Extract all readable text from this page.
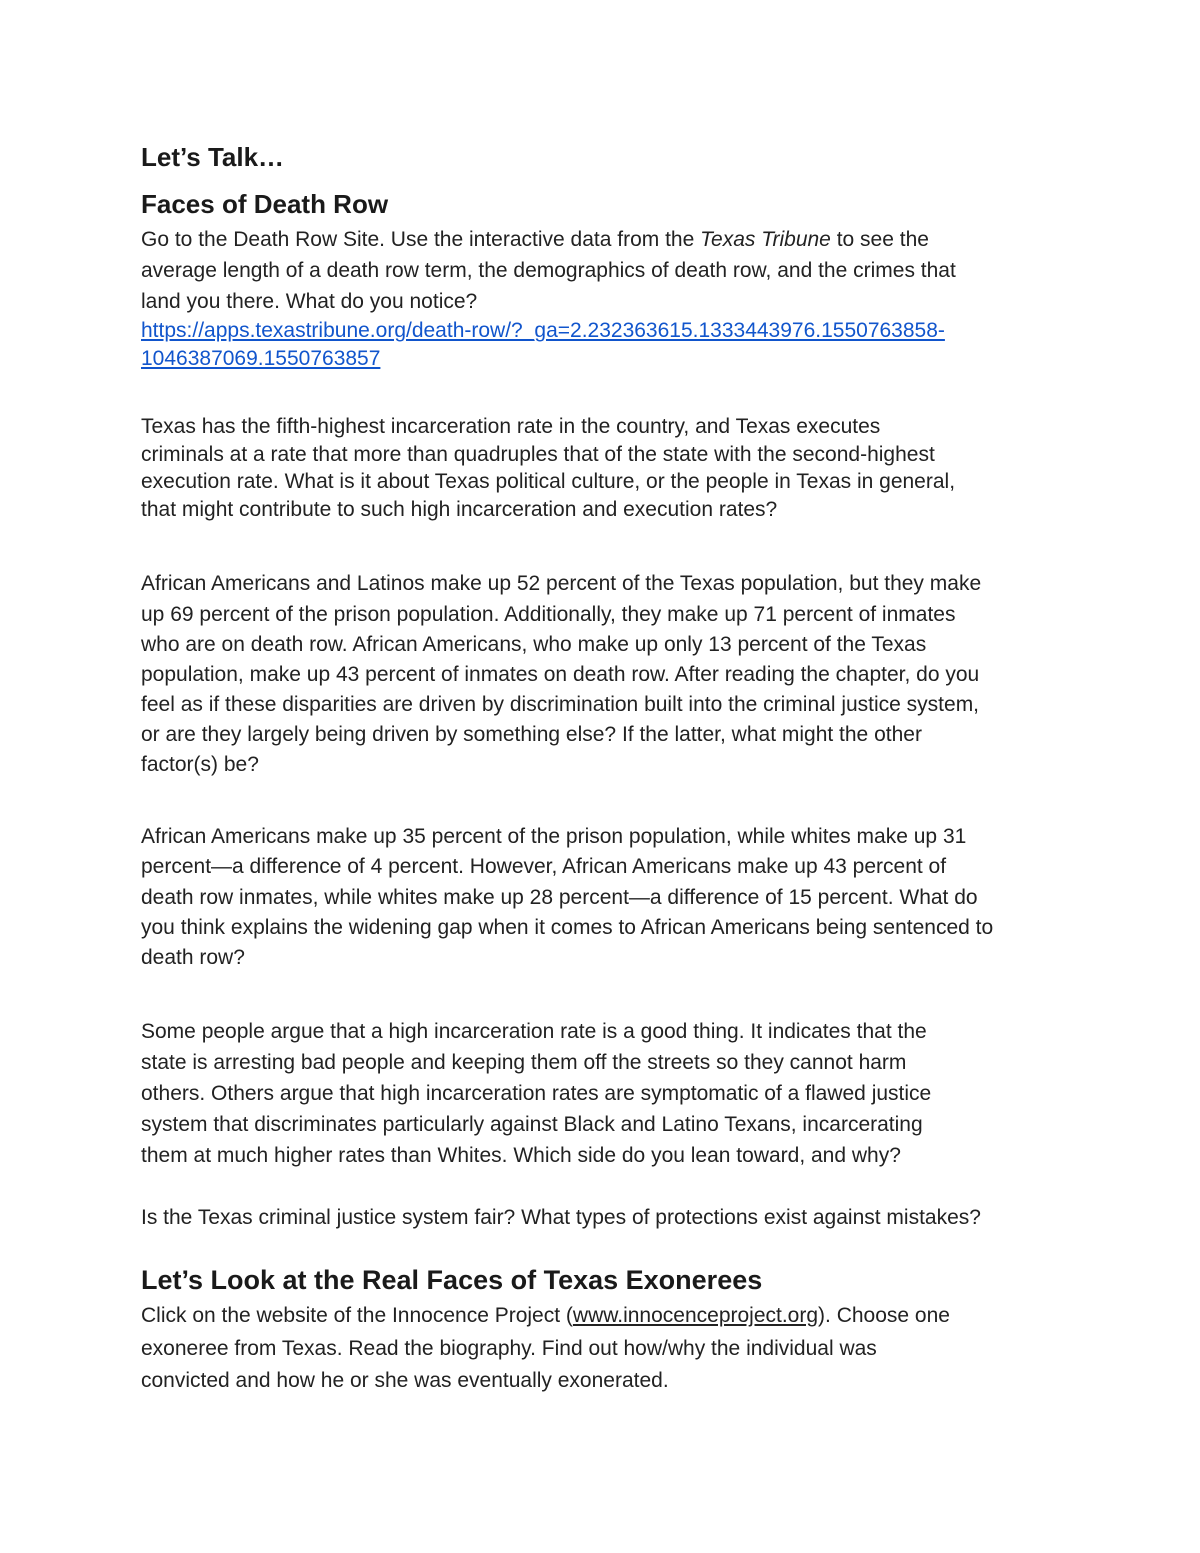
Let’s Talk…
Faces of Death Row
Go to the Death Row Site. Use the interactive data from the Texas Tribune to see the
average length of a death row term, the demographics of death row, and the crimes that
land you there. What do you notice?
https://apps.texastribune.org/death-row/?_ga=2.232363615.1333443976.1550763858-
1046387069.1550763857
Texas has the fifth-highest incarceration rate in the country, and Texas executes
criminals at a rate that more than quadruples that of the state with the second-highest
execution rate. What is it about Texas political culture, or the people in Texas in general,
that might contribute to such high incarceration and execution rates?
African Americans and Latinos make up 52 percent of the Texas population, but they make
up 69 percent of the prison population. Additionally, they make up 71 percent of inmates
who are on death row. African Americans, who make up only 13 percent of the Texas
population, make up 43 percent of inmates on death row. After reading the chapter, do you
feel as if these disparities are driven by discrimination built into the criminal justice system,
or are they largely being driven by something else? If the latter, what might the other
factor(s) be?
African Americans make up 35 percent of the prison population, while whites make up 31
percent—a difference of 4 percent. However, African Americans make up 43 percent of
death row inmates, while whites make up 28 percent—a difference of 15 percent. What do
you think explains the widening gap when it comes to African Americans being sentenced to
death row?
Some people argue that a high incarceration rate is a good thing. It indicates that the
state is arresting bad people and keeping them off the streets so they cannot harm
others. Others argue that high incarceration rates are symptomatic of a flawed justice
system that discriminates particularly against Black and Latino Texans, incarcerating
them at much higher rates than Whites. Which side do you lean toward, and why?
Is the Texas criminal justice system fair? What types of protections exist against mistakes?
Let’s Look at the Real Faces of Texas Exonerees
Click on the website of the Innocence Project (www.innocenceproject.org). Choose one
exoneree from Texas. Read the biography. Find out how/why the individual was
convicted and how he or she was eventually exonerated.
